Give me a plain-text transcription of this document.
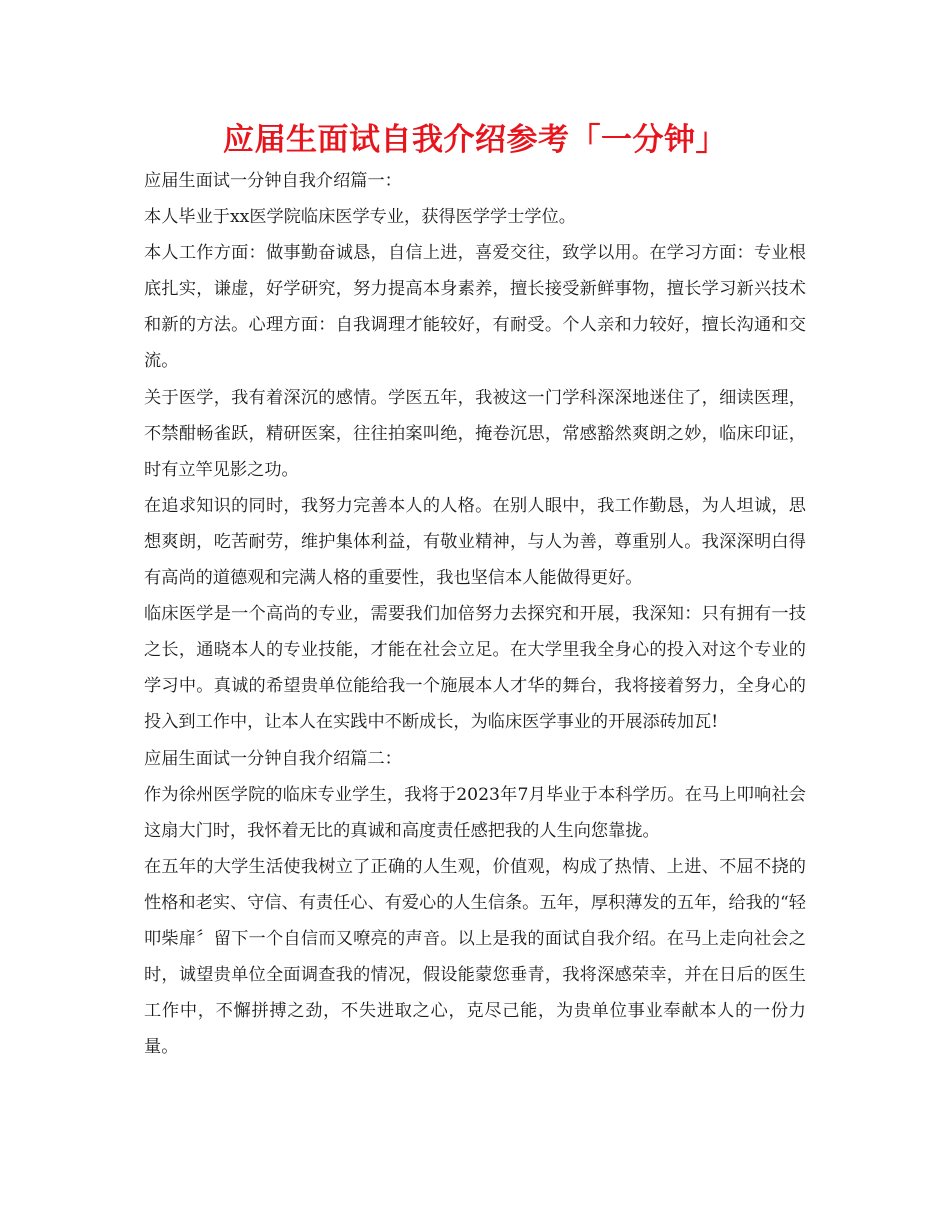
应届生面试自我介绍参考「一分钟」

应届生面试一分钟自我介绍篇一：

本人毕业于xx医学院临床医学专业，获得医学学士学位。

本人工作方面：做事勤奋诚恳，自信上进，喜爱交往，致学以用。在学习方面：专业根底扎实，谦虚，好学研究，努力提高本身素养，擅长接受新鲜事物，擅长学习新兴技术和新的方法。心理方面：自我调理才能较好，有耐受。个人亲和力较好，擅长沟通和交流。

关于医学，我有着深沉的感情。学医五年，我被这一门学科深深地迷住了，细读医理，不禁酣畅雀跃，精研医案，往往拍案叫绝，掩卷沉思，常感豁然爽朗之妙，临床印证，时有立竿见影之功。

在追求知识的同时，我努力完善本人的人格。在别人眼中，我工作勤恳，为人坦诚，思想爽朗，吃苦耐劳，维护集体利益，有敬业精神，与人为善，尊重别人。我深深明白得有高尚的道德观和完满人格的重要性，我也坚信本人能做得更好。

临床医学是一个高尚的专业，需要我们加倍努力去探究和开展，我深知：只有拥有一技之长，通晓本人的专业技能，才能在社会立足。在大学里我全身心的投入对这个专业的学习中。真诚的希望贵单位能给我一个施展本人才华的舞台，我将接着努力，全身心的投入到工作中，让本人在实践中不断成长，为临床医学事业的开展添砖加瓦!

应届生面试一分钟自我介绍篇二：

作为徐州医学院的临床专业学生，我将于2023年7月毕业于本科学历。在马上叩响社会这扇大门时，我怀着无比的真诚和高度责任感把我的人生向您靠拢。

在五年的大学生活使我树立了正确的人生观，价值观，构成了热情、上进、不屈不挠的性格和老实、守信、有责任心、有爱心的人生信条。五年，厚积薄发的五年，给我的“轻叩柴扉〞留下一个自信而又嘹亮的声音。以上是我的面试自我介绍。在马上走向社会之时，诚望贵单位全面调查我的情况，假设能蒙您垂青，我将深感荣幸，并在日后的医生工作中，不懈拼搏之劲，不失进取之心，克尽己能，为贵单位事业奉献本人的一份力量。
